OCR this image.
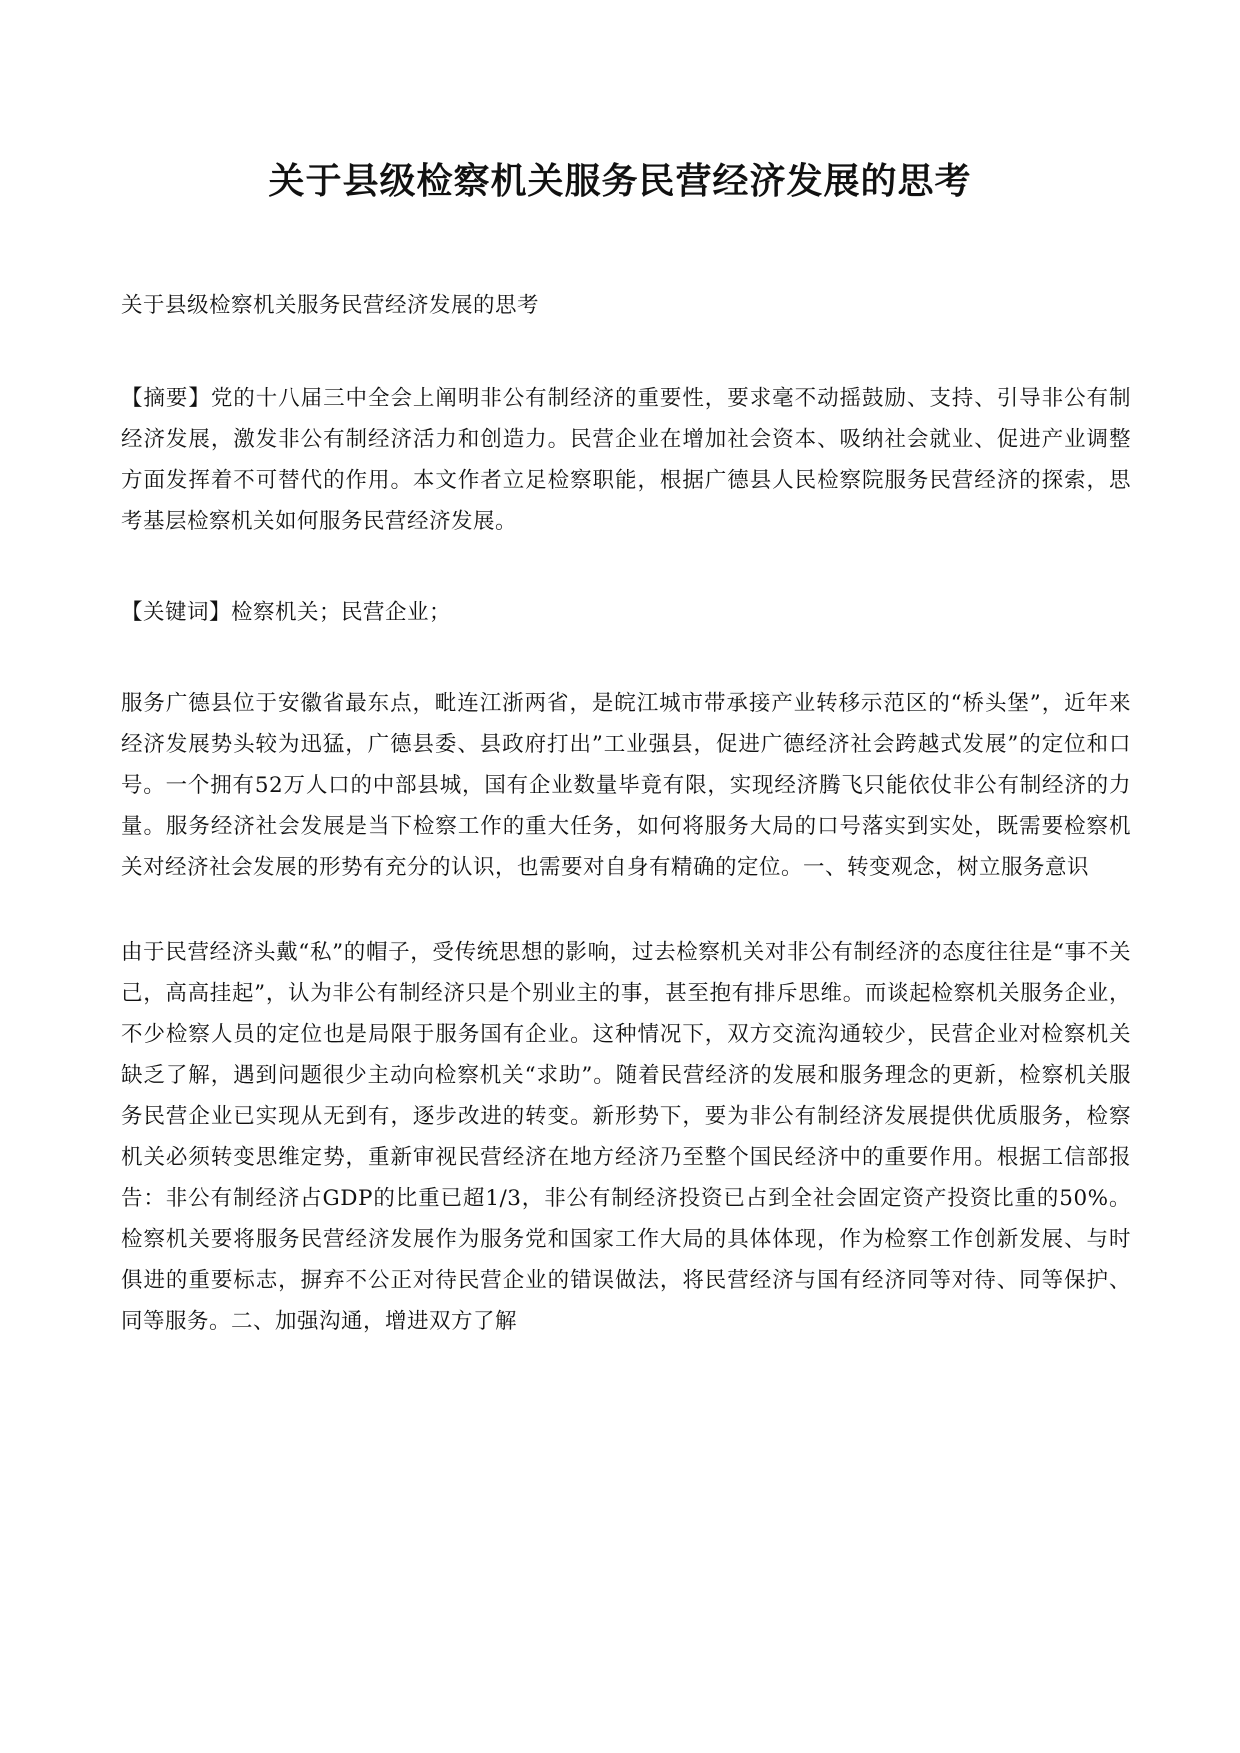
关于县级检察机关服务民营经济发展的思考

关于县级检察机关服务民营经济发展的思考

【摘要】党的十八届三中全会上阐明非公有制经济的重要性，要求毫不动摇鼓励、支持、引导非公有制经济发展，激发非公有制经济活力和创造力。民营企业在增加社会资本、吸纳社会就业、促进产业调整方面发挥着不可替代的作用。本文作者立足检察职能，根据广德县人民检察院服务民营经济的探索，思考基层检察机关如何服务民营经济发展。

【关键词】检察机关；民营企业；

服务广德县位于安徽省最东点，毗连江浙两省，是皖江城市带承接产业转移示范区的“桥头堡”，近年来经济发展势头较为迅猛，广德县委、县政府打出”工业强县，促进广德经济社会跨越式发展”的定位和口号。一个拥有52万人口的中部县城，国有企业数量毕竟有限，实现经济腾飞只能依仗非公有制经济的力量。服务经济社会发展是当下检察工作的重大任务，如何将服务大局的口号落实到实处，既需要检察机关对经济社会发展的形势有充分的认识，也需要对自身有精确的定位。一、转变观念，树立服务意识

由于民营经济头戴“私”的帽子，受传统思想的影响，过去检察机关对非公有制经济的态度往往是“事不关己，高高挂起”，认为非公有制经济只是个别业主的事，甚至抱有排斥思维。而谈起检察机关服务企业，不少检察人员的定位也是局限于服务国有企业。这种情况下，双方交流沟通较少，民营企业对检察机关缺乏了解，遇到问题很少主动向检察机关“求助”。随着民营经济的发展和服务理念的更新，检察机关服务民营企业已实现从无到有，逐步改进的转变。新形势下，要为非公有制经济发展提供优质服务，检察机关必须转变思维定势，重新审视民营经济在地方经济乃至整个国民经济中的重要作用。根据工信部报告：非公有制经济占GDP的比重已超1/3，非公有制经济投资已占到全社会固定资产投资比重的50%。检察机关要将服务民营经济发展作为服务党和国家工作大局的具体体现，作为检察工作创新发展、与时俱进的重要标志，摒弃不公正对待民营企业的错误做法，将民营经济与国有经济同等对待、同等保护、同等服务。二、加强沟通，增进双方了解
